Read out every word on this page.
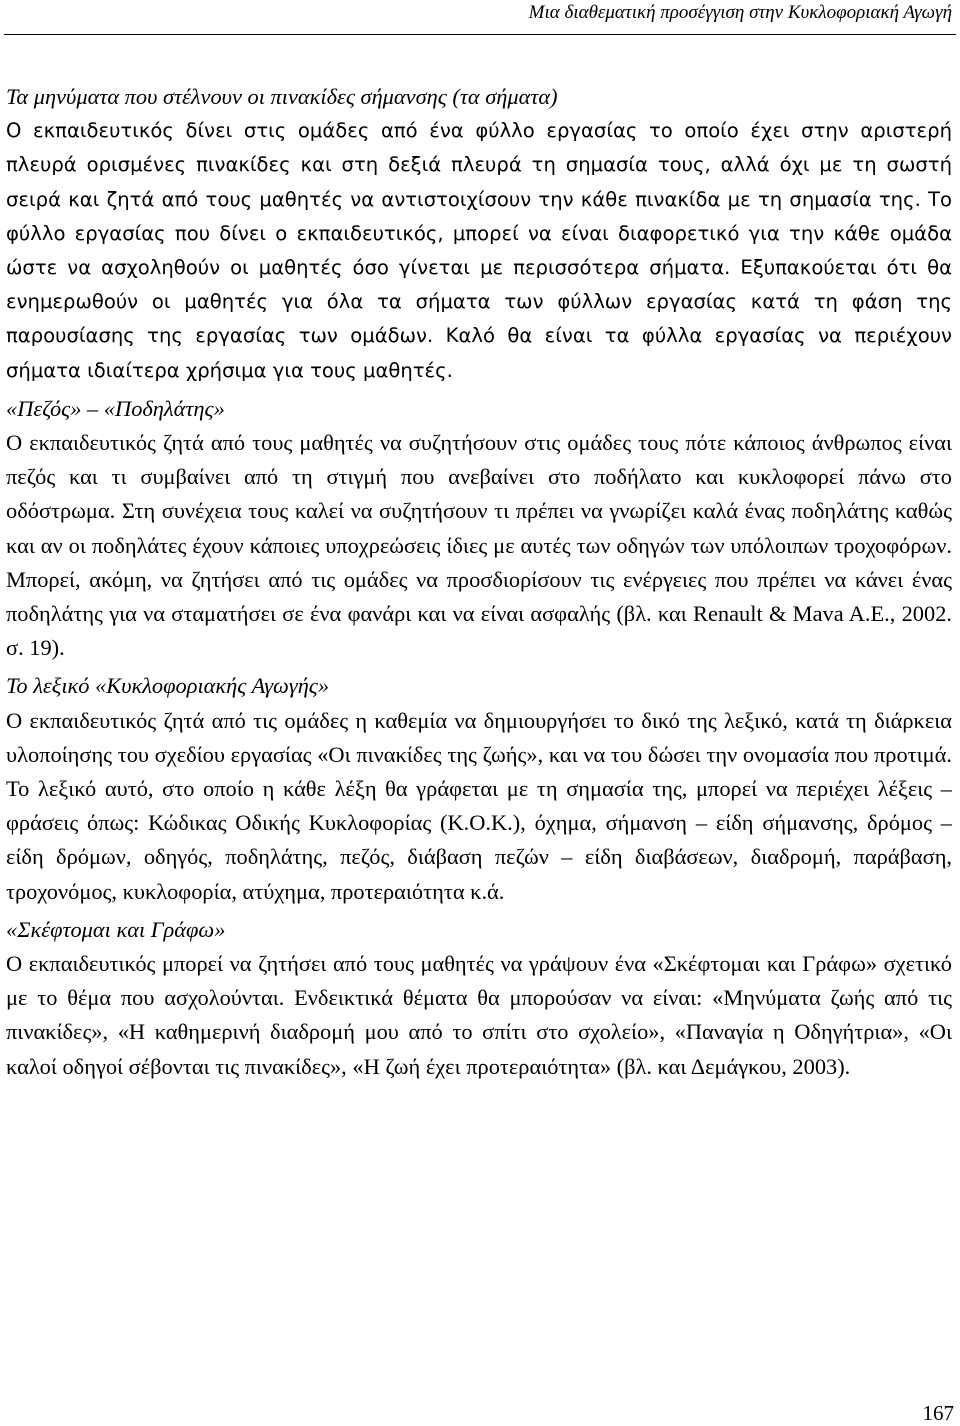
Μια διαθεματική προσέγγιση στην Κυκλοφοριακή Αγωγή
Τα μηνύματα που στέλνουν οι πινακίδες σήμανσης (τα σήματα)

Ο εκπαιδευτικός δίνει στις ομάδες από ένα φύλλο εργασίας το οποίο έχει στην αριστερή πλευρά ορισμένες πινακίδες και στη δεξιά πλευρά τη σημασία τους, αλλά όχι με τη σωστή σειρά και ζητά από τους μαθητές να αντιστοιχίσουν την κάθε πινακίδα με τη σημασία της. Το φύλλο εργασίας που δίνει ο εκπαιδευτικός, μπορεί να είναι διαφορετικό για την κάθε ομάδα ώστε να ασχοληθούν οι μαθητές όσο γίνεται με περισσότερα σήματα. Εξυπακούεται ότι θα ενημερωθούν οι μαθητές για όλα τα σήματα των φύλλων εργασίας κατά τη φάση της παρουσίασης της εργασίας των ομάδων. Καλό θα είναι τα φύλλα εργασίας να περιέχουν σήματα ιδιαίτερα χρήσιμα για τους μαθητές.

«Πεζός» – «Ποδηλάτης»

Ο εκπαιδευτικός ζητά από τους μαθητές να συζητήσουν στις ομάδες τους πότε κάποιος άνθρωπος είναι πεζός και τι συμβαίνει από τη στιγμή που ανεβαίνει στο ποδήλατο και κυκλοφορεί πάνω στο οδόστρωμα. Στη συνέχεια τους καλεί να συζητήσουν τι πρέπει να γνωρίζει καλά ένας ποδηλάτης καθώς και αν οι ποδηλάτες έχουν κάποιες υποχρεώσεις ίδιες με αυτές των οδηγών των υπόλοιπων τροχοφόρων. Μπορεί, ακόμη, να ζητήσει από τις ομάδες να προσδιορίσουν τις ενέργειες που πρέπει να κάνει ένας ποδηλάτης για να σταματήσει σε ένα φανάρι και να είναι ασφαλής (βλ. και Renault & Mava A.E., 2002. σ. 19).

Το λεξικό «Κυκλοφοριακής Αγωγής»

Ο εκπαιδευτικός ζητά από τις ομάδες η καθεμία να δημιουργήσει το δικό της λεξικό, κατά τη διάρκεια υλοποίησης του σχεδίου εργασίας «Οι πινακίδες της ζωής», και να του δώσει την ονομασία που προτιμά. Το λεξικό αυτό, στο οποίο η κάθε λέξη θα γράφεται με τη σημασία της, μπορεί να περιέχει λέξεις – φράσεις όπως: Κώδικας Οδικής Κυκλοφορίας (Κ.Ο.Κ.), όχημα, σήμανση – είδη σήμανσης, δρόμος – είδη δρόμων, οδηγός, ποδηλάτης, πεζός, διάβαση πεζών – είδη διαβάσεων, διαδρομή, παράβαση, τροχονόμος, κυκλοφορία, ατύχημα, προτεραιότητα κ.ά.

«Σκέφτομαι και Γράφω»

Ο εκπαιδευτικός μπορεί να ζητήσει από τους μαθητές να γράψουν ένα «Σκέφτομαι και Γράφω» σχετικό με το θέμα που ασχολούνται. Ενδεικτικά θέματα θα μπορούσαν να είναι: «Μηνύματα ζωής από τις πινακίδες», «Η καθημερινή διαδρομή μου από το σπίτι στο σχολείο», «Παναγία η Οδηγήτρια», «Οι καλοί οδηγοί σέβονται τις πινακίδες», «Η ζωή έχει προτεραιότητα» (βλ. και Δεμάγκου, 2003).

167
